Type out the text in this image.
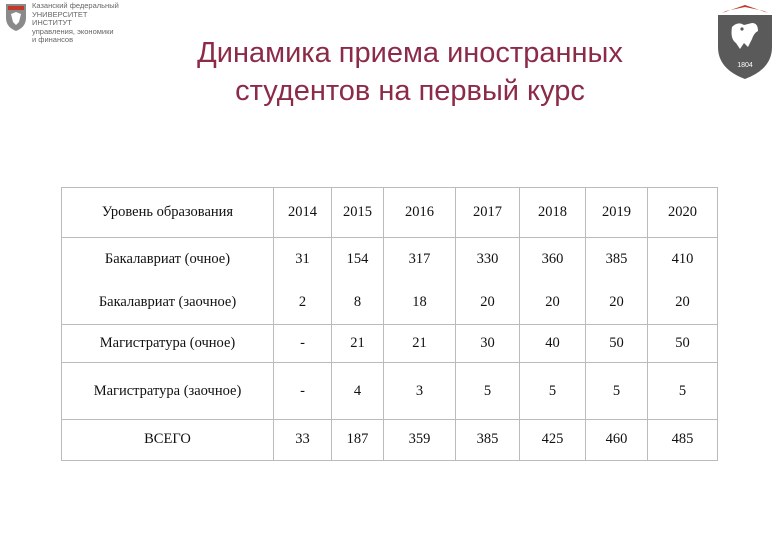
Казанский федеральный
УНИВЕРСИТЕТ
ИНСТИТУТ
управления, экономики
и финансов
1804
Динамика приема иностранных
студентов на первый курс
Уровень образования	2014	2015	2016	2017	2018	2019	2020
Бакалавриат (очное)	31	154	317	330	360	385	410
Бакалавриат (заочное)	2	8	18	20	20	20	20
Магистратура (очное)	-	21	21	30	40	50	50
Магистратура (заочное)	-	4	3	5	5	5	5
ВСЕГО	33	187	359	385	425	460	485
